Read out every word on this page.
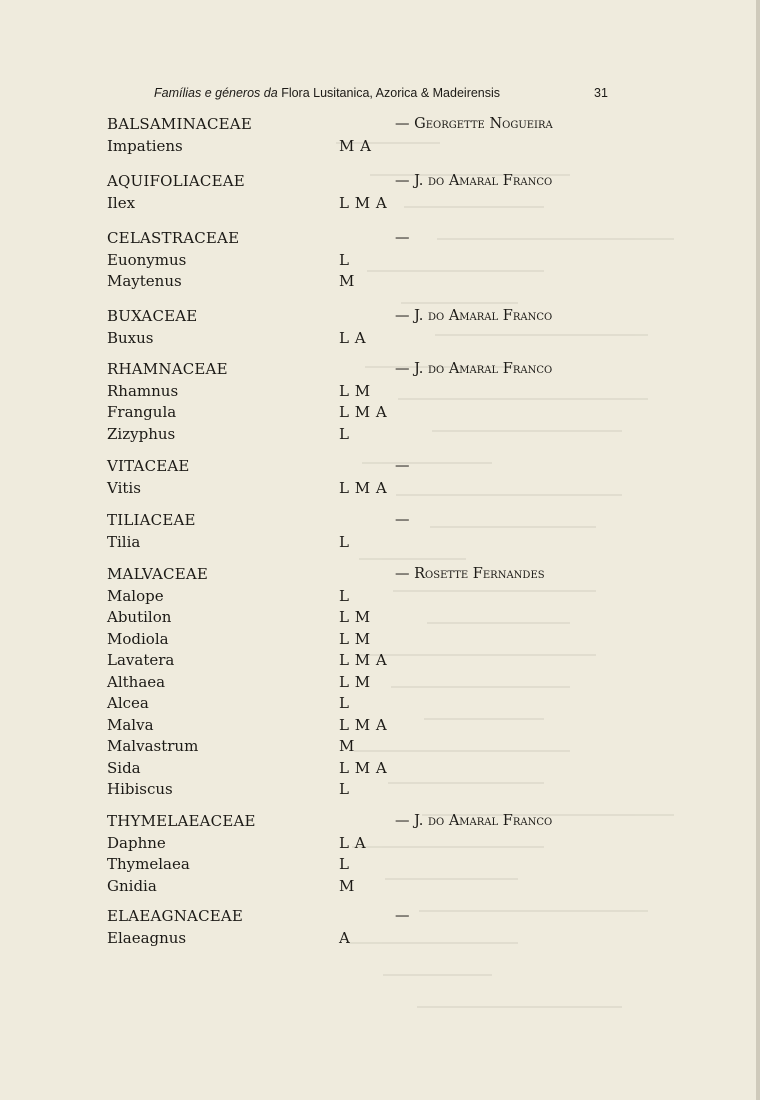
Famílias e géneros da Flora Lusitanica, Azorica & Madeirensis	31
BALSAMINACEAE	— Georgette Nogueira
Impatiens	M A
AQUIFOLIACEAE	— J. do Amaral Franco
Ilex	L M A
CELASTRACEAE	—
Euonymus	L
Maytenus	M
BUXACEAE	— J. do Amaral Franco
Buxus	L A
RHAMNACEAE	— J. do Amaral Franco
Rhamnus	L M
Frangula	L M A
Zizyphus	L
VITACEAE	—
Vitis	L M A
TILIACEAE	—
Tilia	L
MALVACEAE	— Rosette Fernandes
Malope	L
Abutilon	L M
Modiola	L M
Lavatera	L M A
Althaea	L M
Alcea	L
Malva	L M A
Malvastrum	M
Sida	L M A
Hibiscus	L
THYMELAEACEAE	— J. do Amaral Franco
Daphne	L A
Thymelaea	L
Gnidia	M
ELAEAGNACEAE	—
Elaeagnus	A
